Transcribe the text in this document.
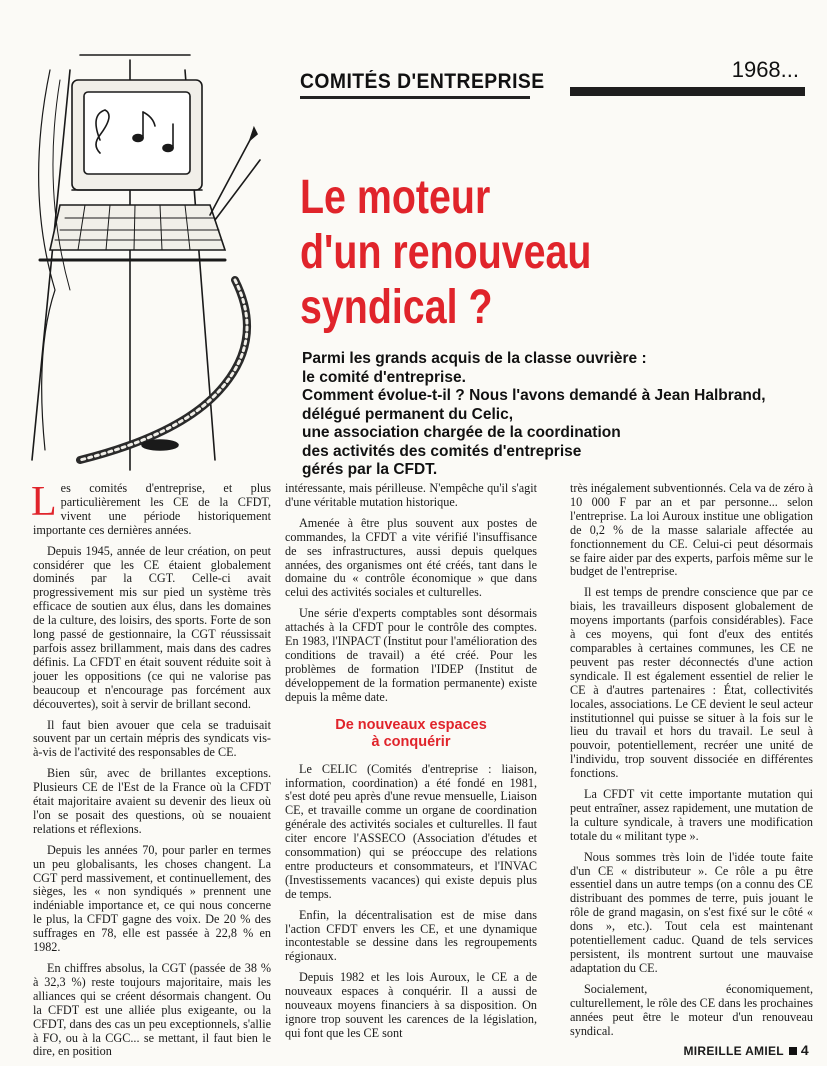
COMITÉS D'ENTREPRISE	1968...
Le moteur
d'un renouveau
syndical ?
Parmi les grands acquis de la classe ouvrière :
le comité d'entreprise.
Comment évolue-t-il ? Nous l'avons demandé à Jean Halbrand,
délégué permanent du Celic,
une association chargée de la coordination
des activités des comités d'entreprise
gérés par la CFDT.

Les comités d'entreprise, et plus particulièrement les CE de la CFDT, vivent une période historiquement importante ces dernières années.

Depuis 1945, année de leur création, on peut considérer que les CE étaient globalement dominés par la CGT. Celle-ci avait progressivement mis sur pied un système très efficace de soutien aux élus, dans les domaines de la culture, des loisirs, des sports. Forte de son long passé de gestionnaire, la CGT réussissait parfois assez brillamment, mais dans des cadres définis. La CFDT en était souvent réduite soit à jouer les oppositions (ce qui ne valorise pas beaucoup et n'encourage pas forcément aux découvertes), soit à servir de brillant second.

Il faut bien avouer que cela se traduisait souvent par un certain mépris des syndicats vis-à-vis de l'activité des responsables de CE.

Bien sûr, avec de brillantes exceptions. Plusieurs CE de l'Est de la France où la CFDT était majoritaire avaient su devenir des lieux où l'on se posait des questions, où se nouaient relations et réflexions.

Depuis les années 70, pour parler en termes un peu globalisants, les choses changent. La CGT perd massivement, et continuellement, des sièges, les « non syndiqués » prennent une indéniable importance et, ce qui nous concerne le plus, la CFDT gagne des voix. De 20 % des suffrages en 78, elle est passée à 22,8 % en 1982.

En chiffres absolus, la CGT (passée de 38 % à 32,3 %) reste toujours majoritaire, mais les alliances qui se créent désormais changent. Ou la CFDT est une alliée plus exigeante, ou la CFDT, dans des cas un peu exceptionnels, s'allie à FO, ou à la CGC... se mettant, il faut bien le dire, en position

intéressante, mais périlleuse. N'empêche qu'il s'agit d'une véritable mutation historique.

Amenée à être plus souvent aux postes de commandes, la CFDT a vite vérifié l'insuffisance de ses infrastructures, aussi depuis quelques années, des organismes ont été créés, tant dans le domaine du « contrôle économique » que dans celui des activités sociales et culturelles.

Une série d'experts comptables sont désormais attachés à la CFDT pour le contrôle des comptes. En 1983, l'INPACT (Institut pour l'amélioration des conditions de travail) a été créé. Pour les problèmes de formation l'IDEP (Institut de développement de la formation permanente) existe depuis la même date.

De nouveaux espaces
à conquérir

Le CELIC (Comités d'entreprise : liaison, information, coordination) a été fondé en 1981, s'est doté peu après d'une revue mensuelle, Liaison CE, et travaille comme un organe de coordination générale des activités sociales et culturelles. Il faut citer encore l'ASSECO (Association d'études et consommation) qui se préoccupe des relations entre producteurs et consommateurs, et l'INVAC (Investissements vacances) qui existe depuis plus de temps.

Enfin, la décentralisation est de mise dans l'action CFDT envers les CE, et une dynamique incontestable se dessine dans les regroupements régionaux.

Depuis 1982 et les lois Auroux, le CE a de nouveaux espaces à conquérir. Il a aussi de nouveaux moyens financiers à sa disposition. On ignore trop souvent les carences de la législation, qui font que les CE sont

très inégalement subventionnés. Cela va de zéro à 10 000 F par an et par personne... selon l'entreprise. La loi Auroux institue une obligation de 0,2 % de la masse salariale affectée au fonctionnement du CE. Celui-ci peut désormais se faire aider par des experts, parfois même sur le budget de l'entreprise.

Il est temps de prendre conscience que par ce biais, les travailleurs disposent globalement de moyens importants (parfois considérables). Face à ces moyens, qui font d'eux des entités comparables à certaines communes, les CE ne peuvent pas rester déconnectés d'une action syndicale. Il est également essentiel de relier le CE à d'autres partenaires : État, collectivités locales, associations. Le CE devient le seul acteur institutionnel qui puisse se situer à la fois sur le lieu du travail et hors du travail. Le seul à pouvoir, potentiellement, recréer une unité de l'individu, trop souvent dissociée en différentes fonctions.

La CFDT vit cette importante mutation qui peut entraîner, assez rapidement, une mutation de la culture syndicale, à travers une modification totale du « militant type ».

Nous sommes très loin de l'idée toute faite d'un CE « distributeur ». Ce rôle a pu être essentiel dans un autre temps (on a connu des CE distribuant des pommes de terre, puis jouant le rôle de grand magasin, on s'est fixé sur le côté « dons », etc.). Tout cela est maintenant potentiellement caduc. Quand de tels services persistent, ils montrent surtout une mauvaise adaptation du CE.

Socialement, économiquement, culturellement, le rôle des CE dans les prochaines années peut être le moteur d'un renouveau syndical.

MIREILLE AMIEL 4
